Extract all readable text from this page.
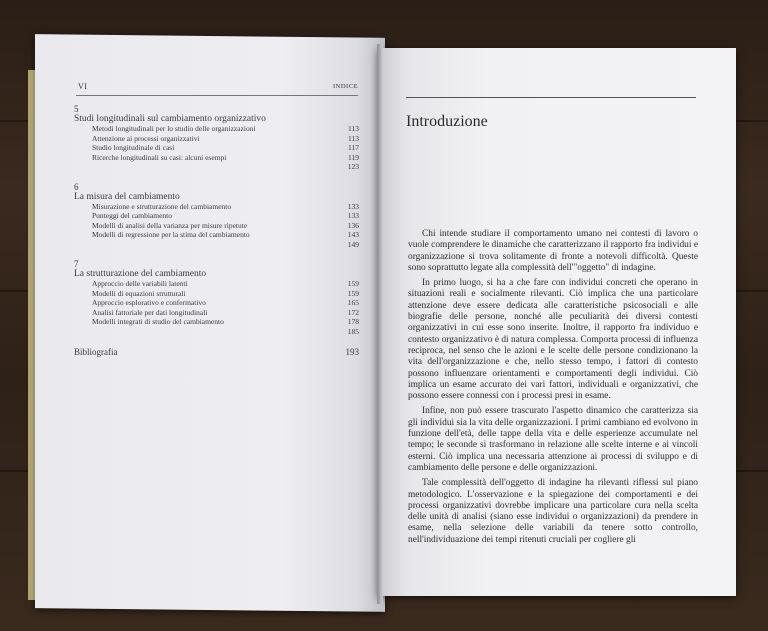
VI	INDICE
5
Studi longitudinali sul cambiamento organizzativo
Metodi longitudinali per lo studio delle organizzazioni	113
Attenzione ai processi organizzativi	113
Studio longitudinale di casi	117
Ricerche longitudinali su casi: alcuni esempi	119
123
6
La misura del cambiamento
Misurazione e strutturazione del cambiamento	133
Punteggi del cambiamento	133
Modelli di analisi della varianza per misure ripetute	136
Modelli di regressione per la stima del cambiamento	143
149
7
La strutturazione del cambiamento
Approccio delle variabili latenti	159
Modelli di equazioni strutturali	159
Approccio esplorativo e confermativo	165
Analisi fattoriale per dati longitudinali	172
Modelli integrati di studio del cambiamento	178
185
Bibliografia	193
Introduzione

Chi intende studiare il comportamento umano nei contesti di lavoro o vuole comprendere le dinamiche che caratterizzano il rapporto fra individui e organizzazione si trova solitamente di fronte a notevoli difficoltà. Queste sono soprattutto legate alla complessità dell'"oggetto" di indagine.

In primo luogo, si ha a che fare con individui concreti che operano in situazioni reali e socialmente rilevanti. Ciò implica che una particolare attenzione deve essere dedicata alle caratteristiche psicosociali e alle biografie delle persone, nonché alle peculiarità dei diversi contesti organizzativi in cui esse sono inserite. Inoltre, il rapporto fra individuo e contesto organizzativo è di natura complessa. Comporta processi di influenza reciproca, nel senso che le azioni e le scelte delle persone condizionano la vita dell'organizzazione e che, nello stesso tempo, i fattori di contesto possono influenzare orientamenti e comportamenti degli individui. Ciò implica un esame accurato dei vari fattori, individuali e organizzativi, che possono essere connessi con i processi presi in esame.

Infine, non può essere trascurato l'aspetto dinamico che caratterizza sia gli individui sia la vita delle organizzazioni. I primi cambiano ed evolvono in funzione dell'età, delle tappe della vita e delle esperienze accumulate nel tempo; le seconde si trasformano in relazione alle scelte interne e ai vincoli esterni. Ciò implica una necessaria attenzione ai processi di sviluppo e di cambiamento delle persone e delle organizzazioni.

Tale complessità dell'oggetto di indagine ha rilevanti riflessi sul piano metodologico. L'osservazione e la spiegazione dei comportamenti e dei processi organizzativi dovrebbe implicare una particolare cura nella scelta delle unità di analisi (siano esse individui o organizzazioni) da prendere in esame, nella selezione delle variabili da tenere sotto controllo, nell'individuazione dei tempi ritenuti cruciali per cogliere gli
